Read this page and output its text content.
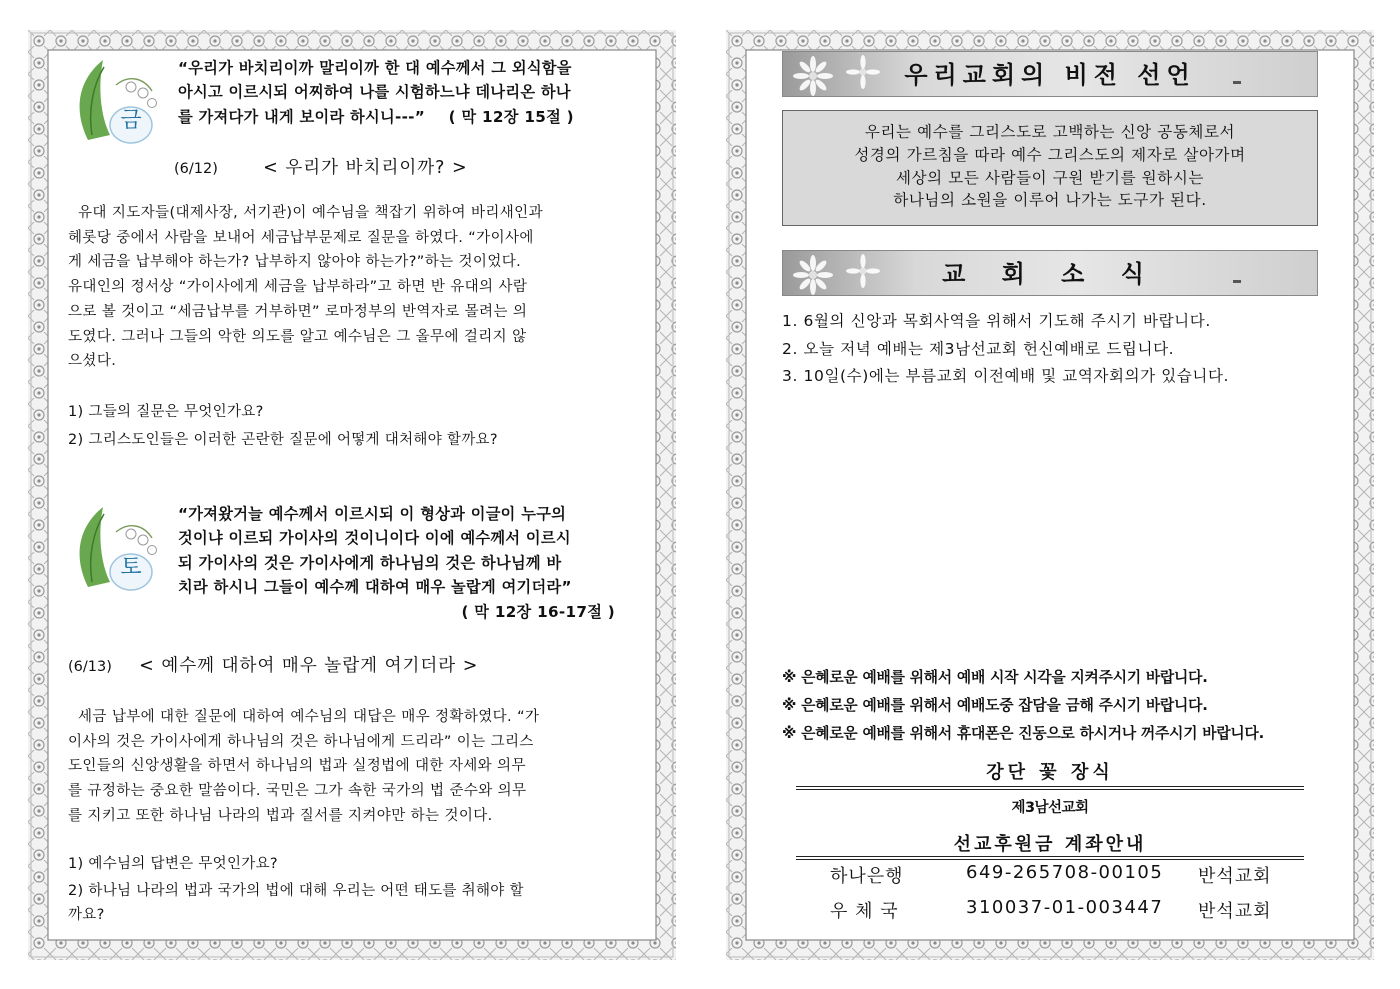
금
“우리가 바치리이까 말리이까 한 대 예수께서 그 외식함을
아시고 이르시되 어찌하여 나를 시험하느냐 데나리온 하나
를 가져다가 내게 보이라 하시니---” ( 막 12장 15절 )
(6/12)	< 우리가 바치리이까? >
유대 지도자들(대제사장, 서기관)이 예수님을 책잡기 위하여 바리새인과
헤롯당 중에서 사람을 보내어 세금납부문제로 질문을 하였다. “가이사에
게 세금을 납부해야 하는가? 납부하지 않아야 하는가?”하는 것이었다.
유대인의 정서상 “가이사에게 세금을 납부하라”고 하면 반 유대의 사람
으로 볼 것이고 “세금납부를 거부하면” 로마정부의 반역자로 몰려는 의
도였다. 그러나 그들의 악한 의도를 알고 예수님은 그 올무에 걸리지 않
으셨다.
1) 그들의 질문은 무엇인가요?
2) 그리스도인들은 이러한 곤란한 질문에 어떻게 대처해야 할까요?
토
“가져왔거늘 예수께서 이르시되 이 형상과 이글이 누구의
것이냐 이르되 가이사의 것이니이다 이에 예수께서 이르시
되 가이사의 것은 가이사에게 하나님의 것은 하나님께 바
치라 하시니 그들이 예수께 대하여 매우 놀랍게 여기더라”
( 막 12장 16-17절 )
(6/13) < 예수께 대하여 매우 놀랍게 여기더라 >
세금 납부에 대한 질문에 대하여 예수님의 대답은 매우 정확하였다. “가
이사의 것은 가이사에게 하나님의 것은 하나님에게 드리라” 이는 그리스
도인들의 신앙생활을 하면서 하나님의 법과 실정법에 대한 자세와 의무
를 규정하는 중요한 말씀이다. 국민은 그가 속한 국가의 법 준수와 의무
를 지키고 또한 하나님 나라의 법과 질서를 지켜야만 하는 것이다.
1) 예수님의 답변은 무엇인가요?
2) 하나님 나라의 법과 국가의 법에 대해 우리는 어떤 태도를 취해야 할
까요?
우리교회의 비전 선언
우리는 예수를 그리스도로 고백하는 신앙 공동체로서
성경의 가르침을 따라 예수 그리스도의 제자로 살아가며
세상의 모든 사람들이 구원 받기를 원하시는
하나님의 소원을 이루어 나가는 도구가 된다.
교 회 소 식
1. 6월의 신앙과 목회사역을 위해서 기도해 주시기 바랍니다.
2. 오늘 저녁 예배는 제3남선교회 헌신예배로 드립니다.
3. 10일(수)에는 부름교회 이전예배 및 교역자회의가 있습니다.
※ 은혜로운 예배를 위해서 예배 시작 시각을 지켜주시기 바랍니다.
※ 은혜로운 예배를 위해서 예배도중 잡담을 금해 주시기 바랍니다.
※ 은혜로운 예배를 위해서 휴대폰은 진동으로 하시거나 꺼주시기 바랍니다.
강단 꽃 장식
제3남선교회
선교후원금 계좌안내
하나은행	649-265708-00105 반석교회
우 체 국	310037-01-003447 반석교회
